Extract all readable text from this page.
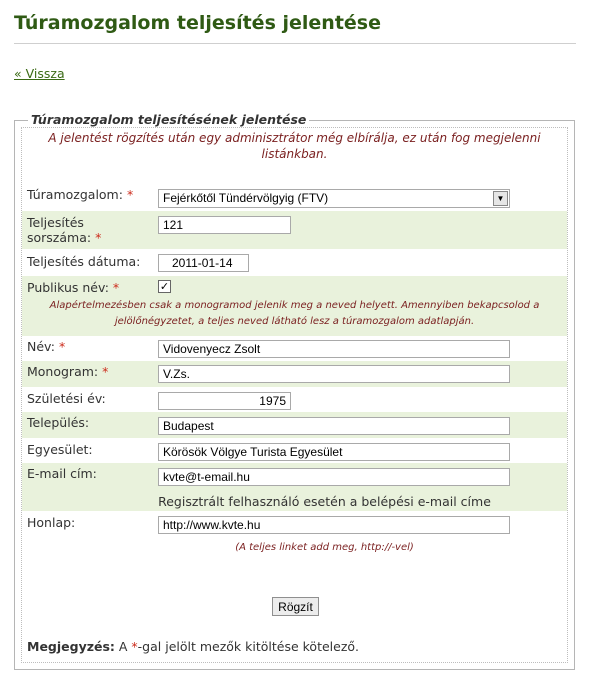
Túramozgalom teljesítés jelentése
« Vissza
Túramozgalom teljesítésének jelentése
A jelentést rögzítés után egy adminisztrátor még elbírálja, ez után fog megjelenni listánkban.
Túramozgalom: *	Fejérkőtől Tündérvölgyig (FTV)	▼
Teljesítés
sorszáma: *
121
Teljesítés dátuma:
2011-01-14
Publikus név: *	✓
Alapértelmezésben csak a monogramod jelenik meg a neved helyett. Amennyiben bekapcsolod a jelölőnégyzetet, a teljes neved látható lesz a túramozgalom adatlapján.
Név: *
Vidovenyecz Zsolt
Monogram: *
V.Zs.
Születési év:
1975
Település:
Budapest
Egyesület:
Körösök Völgye Turista Egyesület
E-mail cím:
kvte@t-email.hu
Regisztrált felhasználó esetén a belépési e-mail címe
Honlap:
http://www.kvte.hu
(A teljes linket add meg, http://-vel)
Rögzít
Megjegyzés: A *-gal jelölt mezők kitöltése kötelező.
